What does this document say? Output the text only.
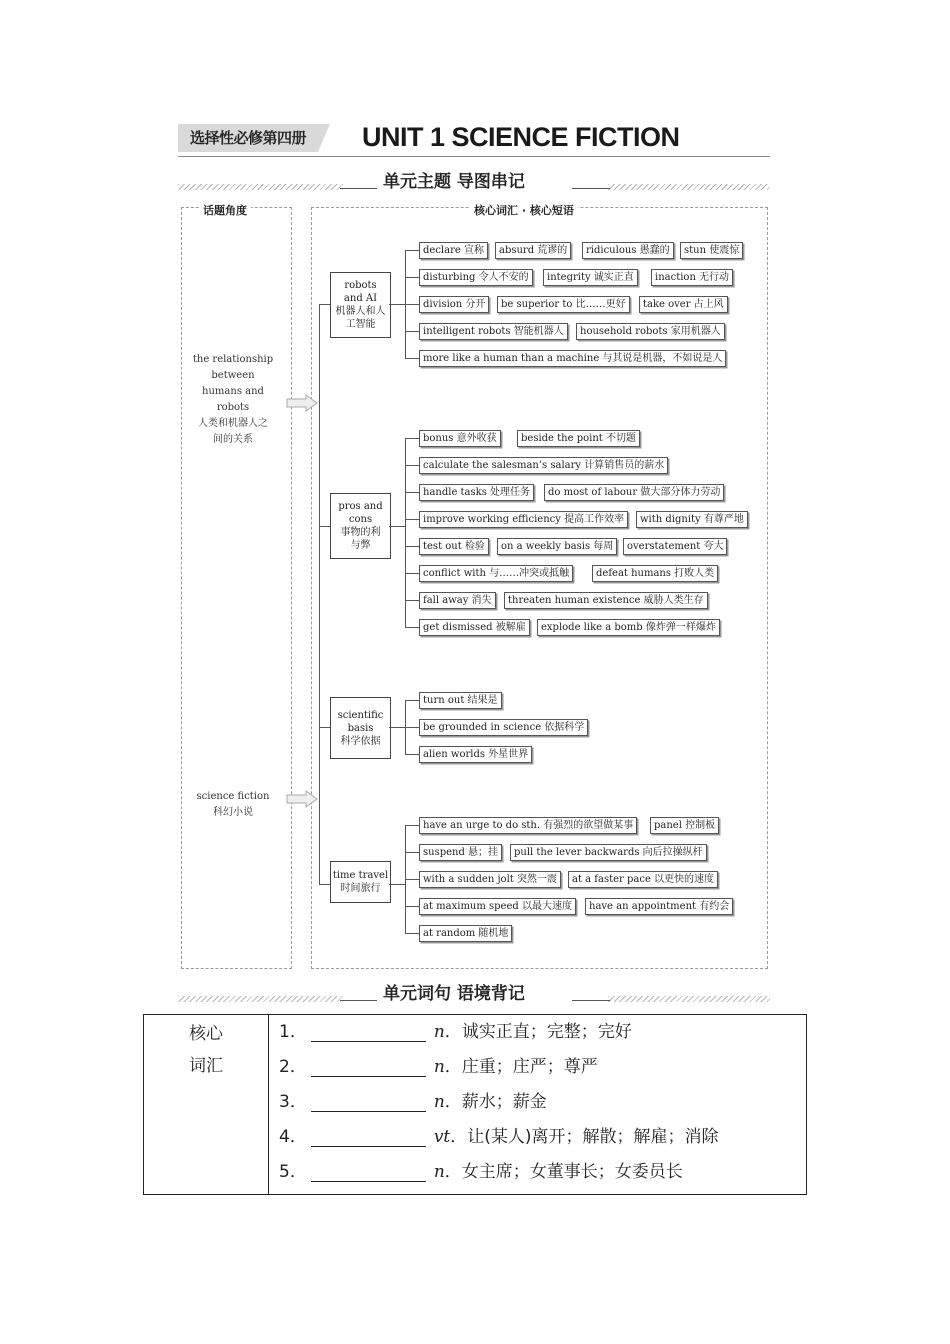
选择性必修第四册	UNIT 1 SCIENCE FICTION
单元主题 导图串记
话题角度	核心词汇 · 核心短语
the relationship between humans and robots
人类和机器人之间的关系
science fiction
科幻小说
robots and AI
机器人和人工智能
pros and cons
事物的利与弊
scientific basis
科学依据
time travel
时间旅行
declare 宣称	absurd 荒谬的	ridiculous 愚蠢的	stun 使震惊
disturbing 令人不安的	integrity 诚实正直	inaction 无行动
division 分开	be superior to 比……更好	take over 占上风
intelligent robots 智能机器人	household robots 家用机器人
more like a human than a machine 与其说是机器，不如说是人
bonus 意外收获	beside the point 不切题
calculate the salesman’s salary 计算销售员的薪水
handle tasks 处理任务	do most of labour 做大部分体力劳动
improve working efficiency 提高工作效率	with dignity 有尊严地
test out 检验	on a weekly basis 每周	overstatement 夸大
conflict with 与……冲突或抵触	defeat humans 打败人类
fall away 消失	threaten human existence 威胁人类生存
get dismissed 被解雇	explode like a bomb 像炸弹一样爆炸
turn out 结果是
be grounded in science 依据科学
alien worlds 外星世界
have an urge to do sth. 有强烈的欲望做某事	panel 控制板
suspend 悬；挂	pull the lever backwards 向后拉操纵杆
with a sudden jolt 突然一震	at a faster pace 以更快的速度
at maximum speed 以最大速度	have an appointment 有约会
at random 随机地
单元词句 语境背记
核心
词汇

1．	n．诚实正直；完整；完好
2．	n．庄重；庄严；尊严
3．	n．薪水；薪金
4．	vt．让(某人)离开；解散；解雇；消除
5．	n．女主席；女董事长；女委员长
